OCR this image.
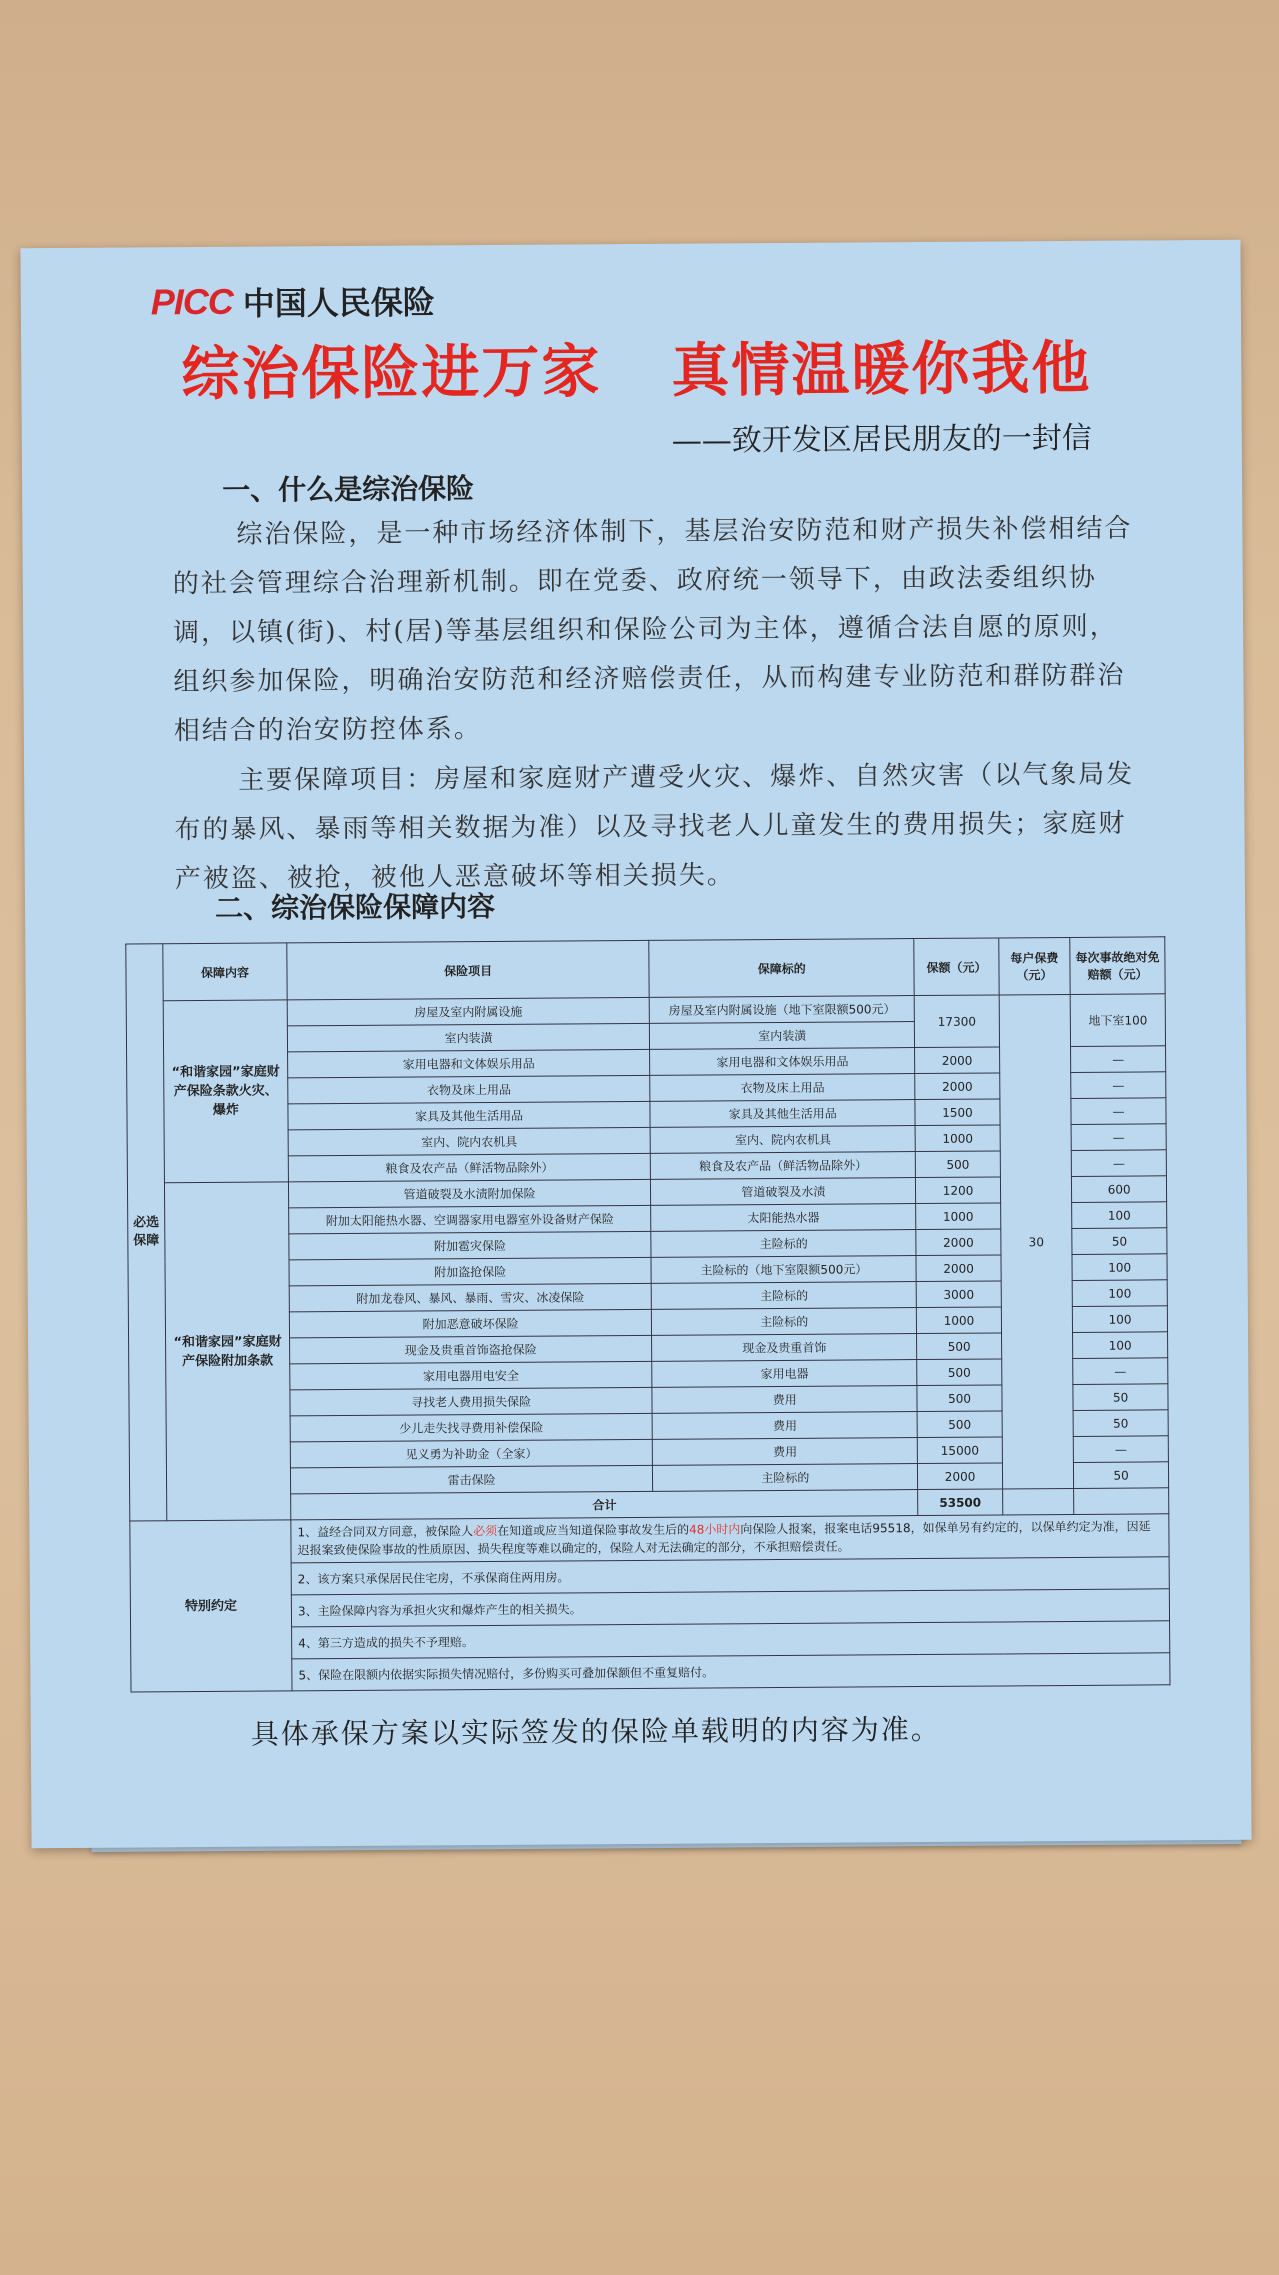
PICC 中国人民保险
综治保险进万家 真情温暖你我他
——致开发区居民朋友的一封信
一、什么是综治保险
综治保险，是一种市场经济体制下，基层治安防范和财产损失补偿相结合的社会管理综合治理新机制。即在党委、政府统一领导下，由政法委组织协调，以镇(街)、村(居)等基层组织和保险公司为主体，遵循合法自愿的原则，组织参加保险，明确治安防范和经济赔偿责任，从而构建专业防范和群防群治相结合的治安防控体系。
主要保障项目：房屋和家庭财产遭受火灾、爆炸、自然灾害（以气象局发布的暴风、暴雨等相关数据为准）以及寻找老人儿童发生的费用损失；家庭财产被盗、被抢，被他人恶意破坏等相关损失。
二、综治保险保障内容
必选保障	保障内容	保险项目	保障标的	保额（元）	每户保费（元）	每次事故绝对免赔额（元）
	“和谐家园”家庭财产保险条款火灾、爆炸	房屋及室内附属设施	房屋及室内附属设施（地下室限额500元）	17300	30	地下室100
		室内装潢	室内装潢			
		家用电器和文体娱乐用品	家用电器和文体娱乐用品	2000		—
		衣物及床上用品	衣物及床上用品	2000		—
		家具及其他生活用品	家具及其他生活用品	1500		—
		室内、院内农机具	室内、院内农机具	1000		—
		粮食及农产品（鲜活物品除外）	粮食及农产品（鲜活物品除外）	500		—
	“和谐家园”家庭财产保险附加条款	管道破裂及水渍附加保险	管道破裂及水渍	1200		600
		附加太阳能热水器、空调器家用电器室外设备财产保险	太阳能热水器	1000		100
		附加雹灾保险	主险标的	2000		50
		附加盗抢保险	主险标的（地下室限额500元）	2000		100
		附加龙卷风、暴风、暴雨、雪灾、冰凌保险	主险标的	3000		100
		附加恶意破坏保险	主险标的	1000		100
		现金及贵重首饰盗抢保险	现金及贵重首饰	500		100
		家用电器用电安全	家用电器	500		—
		寻找老人费用损失保险	费用	500		50
		少儿走失找寻费用补偿保险	费用	500		50
		见义勇为补助金（全家）	费用	15000		—
		雷击保险	主险标的	2000		50
		合计		53500		
特别约定		1、益经合同双方同意，被保险人必须在知道或应当知道保险事故发生后的48小时内向保险人报案，报案电话95518，如保单另有约定的，以保单约定为准，因延迟报案致使保险事故的性质原因、损失程度等难以确定的，保险人对无法确定的部分，不承担赔偿责任。				
		2、该方案只承保居民住宅房，不承保商住两用房。				
		3、主险保障内容为承担火灾和爆炸产生的相关损失。				
		4、第三方造成的损失不予理赔。				
		5、保险在限额内依据实际损失情况赔付，多份购买可叠加保额但不重复赔付。				
具体承保方案以实际签发的保险单载明的内容为准。
